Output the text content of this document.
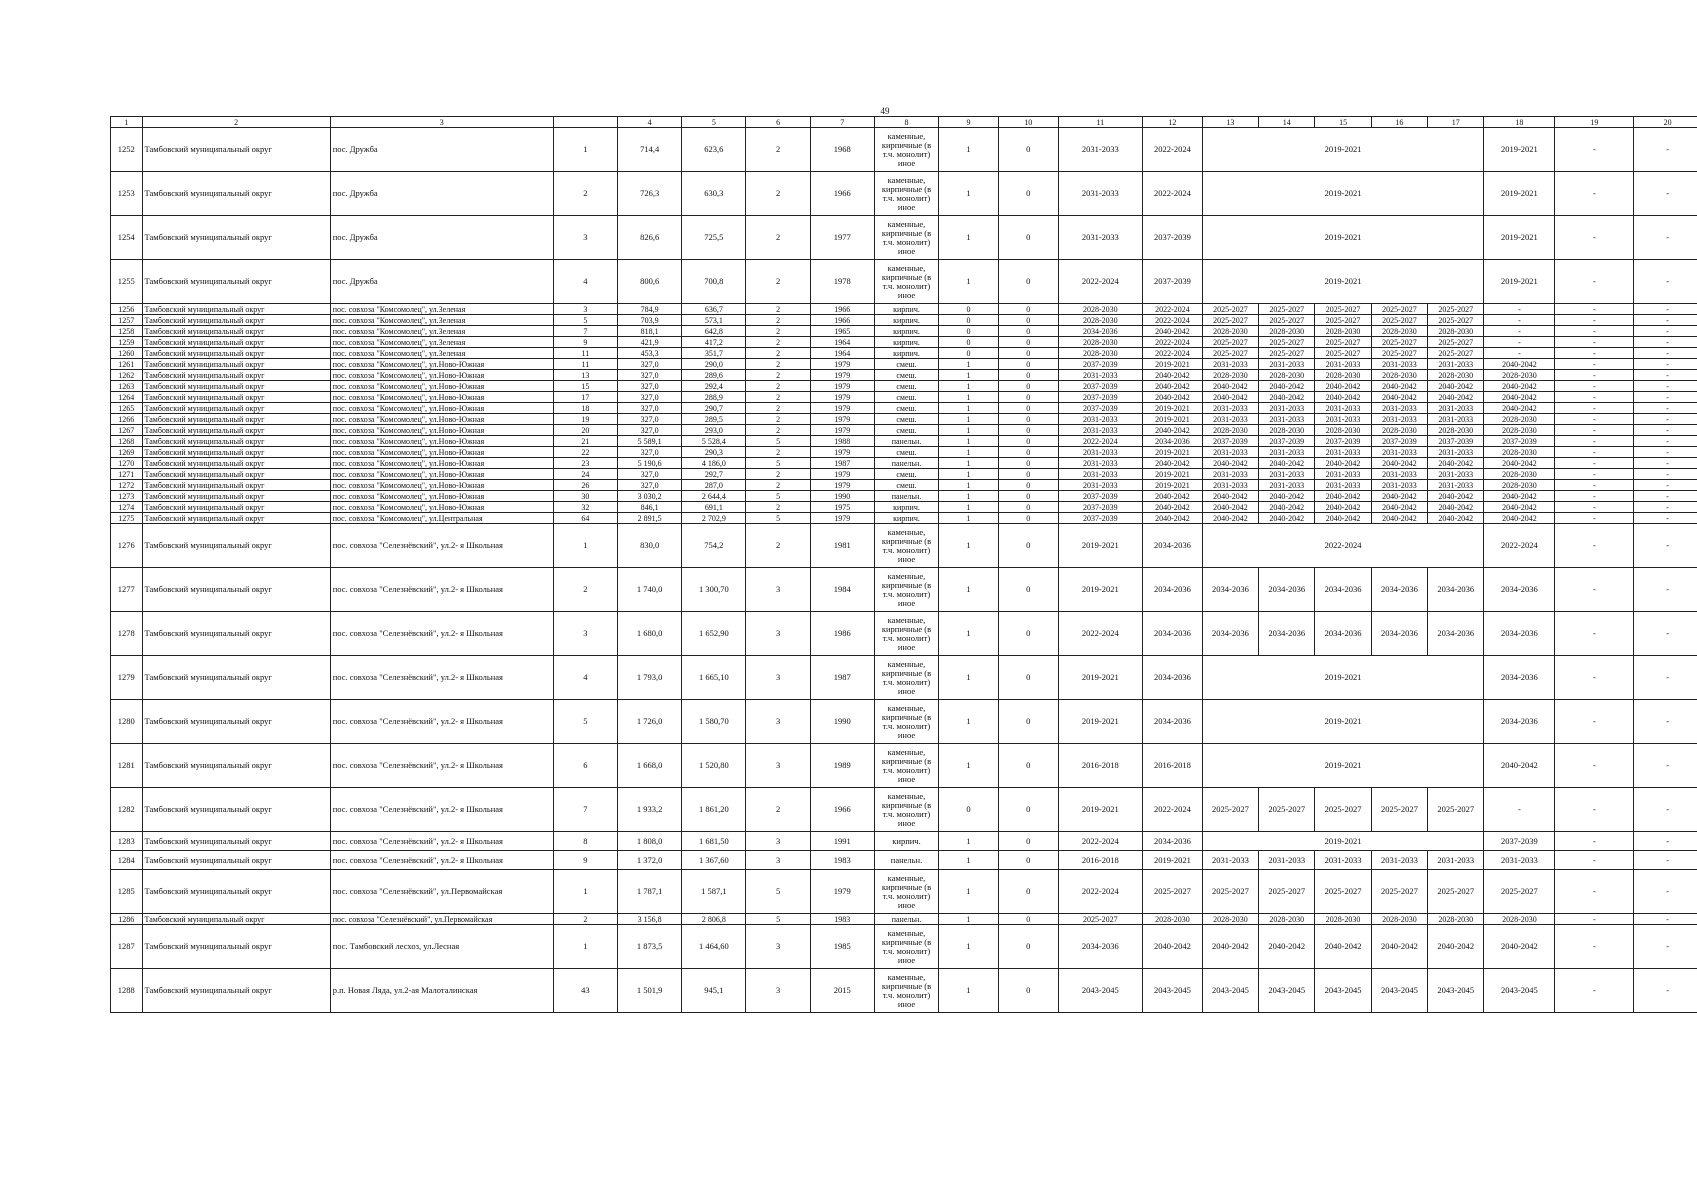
49
1	2	3		4	5	6	7	8	9	10	11	12	13	14	15	16	17	18	19	20
1252	Тамбовский муниципальный округ	пос. Дружба	1	714,4	623,6	2	1968	каменные, кирпичные (в т.ч. монолит) иное	1	0	2031-2033	2022-2024	2019-2021					2019-2021	-	-
1253	Тамбовский муниципальный округ	пос. Дружба	2	726,3	630,3	2	1966	каменные, кирпичные (в т.ч. монолит) иное	1	0	2031-2033	2022-2024	2019-2021					2019-2021	-	-
1254	Тамбовский муниципальный округ	пос. Дружба	3	826,6	725,5	2	1977	каменные, кирпичные (в т.ч. монолит) иное	1	0	2031-2033	2037-2039	2019-2021					2019-2021	-	-
1255	Тамбовский муниципальный округ	пос. Дружба	4	800,6	700,8	2	1978	каменные, кирпичные (в т.ч. монолит) иное	1	0	2022-2024	2037-2039	2019-2021					2019-2021	-	-
1256	Тамбовский муниципальный округ	пос. совхоза "Комсомолец", ул.Зеленая	3	784,9	636,7	2	1966	кирпич.	0	0	2028-2030	2022-2024	2025-2027	2025-2027	2025-2027	2025-2027	2025-2027	-	-	-
1257	Тамбовский муниципальный округ	пос. совхоза "Комсомолец", ул.Зеленая	5	703,9	573,1	2	1966	кирпич.	0	0	2028-2030	2022-2024	2025-2027	2025-2027	2025-2027	2025-2027	2025-2027	-	-	-
1258	Тамбовский муниципальный округ	пос. совхоза "Комсомолец", ул.Зеленая	7	818,1	642,8	2	1965	кирпич.	0	0	2034-2036	2040-2042	2028-2030	2028-2030	2028-2030	2028-2030	2028-2030	-	-	-
1259	Тамбовский муниципальный округ	пос. совхоза "Комсомолец", ул.Зеленая	9	421,9	417,2	2	1964	кирпич.	0	0	2028-2030	2022-2024	2025-2027	2025-2027	2025-2027	2025-2027	2025-2027	-	-	-
1260	Тамбовский муниципальный округ	пос. совхоза "Комсомолец", ул.Зеленая	11	453,3	351,7	2	1964	кирпич.	0	0	2028-2030	2022-2024	2025-2027	2025-2027	2025-2027	2025-2027	2025-2027	-	-	-
1261	Тамбовский муниципальный округ	пос. совхоза "Комсомолец", ул.Ново-Южная	11	327,0	290,0	2	1979	смеш.	1	0	2037-2039	2019-2021	2031-2033	2031-2033	2031-2033	2031-2033	2031-2033	2040-2042	-	-
1262	Тамбовский муниципальный округ	пос. совхоза "Комсомолец", ул.Ново-Южная	13	327,0	289,6	2	1979	смеш.	1	0	2031-2033	2040-2042	2028-2030	2028-2030	2028-2030	2028-2030	2028-2030	2028-2030	-	-
1263	Тамбовский муниципальный округ	пос. совхоза "Комсомолец", ул.Ново-Южная	15	327,0	292,4	2	1979	смеш.	1	0	2037-2039	2040-2042	2040-2042	2040-2042	2040-2042	2040-2042	2040-2042	2040-2042	-	-
1264	Тамбовский муниципальный округ	пос. совхоза "Комсомолец", ул.Ново-Южная	17	327,0	288,9	2	1979	смеш.	1	0	2037-2039	2040-2042	2040-2042	2040-2042	2040-2042	2040-2042	2040-2042	2040-2042	-	-
1265	Тамбовский муниципальный округ	пос. совхоза "Комсомолец", ул.Ново-Южная	18	327,0	290,7	2	1979	смеш.	1	0	2037-2039	2019-2021	2031-2033	2031-2033	2031-2033	2031-2033	2031-2033	2040-2042	-	-
1266	Тамбовский муниципальный округ	пос. совхоза "Комсомолец", ул.Ново-Южная	19	327,0	289,5	2	1979	смеш.	1	0	2031-2033	2019-2021	2031-2033	2031-2033	2031-2033	2031-2033	2031-2033	2028-2030	-	-
1267	Тамбовский муниципальный округ	пос. совхоза "Комсомолец", ул.Ново-Южная	20	327,0	293,0	2	1979	смеш.	1	0	2031-2033	2040-2042	2028-2030	2028-2030	2028-2030	2028-2030	2028-2030	2028-2030	-	-
1268	Тамбовский муниципальный округ	пос. совхоза "Комсомолец", ул.Ново-Южная	21	5 589,1	5 528,4	5	1988	панельн.	1	0	2022-2024	2034-2036	2037-2039	2037-2039	2037-2039	2037-2039	2037-2039	2037-2039	-	-
1269	Тамбовский муниципальный округ	пос. совхоза "Комсомолец", ул.Ново-Южная	22	327,0	290,3	2	1979	смеш.	1	0	2031-2033	2019-2021	2031-2033	2031-2033	2031-2033	2031-2033	2031-2033	2028-2030	-	-
1270	Тамбовский муниципальный округ	пос. совхоза "Комсомолец", ул.Ново-Южная	23	5 190,6	4 186,0	5	1987	панельн.	1	0	2031-2033	2040-2042	2040-2042	2040-2042	2040-2042	2040-2042	2040-2042	2040-2042	-	-
1271	Тамбовский муниципальный округ	пос. совхоза "Комсомолец", ул.Ново-Южная	24	327,0	292,7	2	1979	смеш.	1	0	2031-2033	2019-2021	2031-2033	2031-2033	2031-2033	2031-2033	2031-2033	2028-2030	-	-
1272	Тамбовский муниципальный округ	пос. совхоза "Комсомолец", ул.Ново-Южная	26	327,0	287,0	2	1979	смеш.	1	0	2031-2033	2019-2021	2031-2033	2031-2033	2031-2033	2031-2033	2031-2033	2028-2030	-	-
1273	Тамбовский муниципальный округ	пос. совхоза "Комсомолец", ул.Ново-Южная	30	3 030,2	2 644,4	5	1990	панельн.	1	0	2037-2039	2040-2042	2040-2042	2040-2042	2040-2042	2040-2042	2040-2042	2040-2042	-	-
1274	Тамбовский муниципальный округ	пос. совхоза "Комсомолец", ул.Ново-Южная	32	846,1	691,1	2	1975	кирпич.	1	0	2037-2039	2040-2042	2040-2042	2040-2042	2040-2042	2040-2042	2040-2042	2040-2042	-	-
1275	Тамбовский муниципальный округ	пос. совхоза "Комсомолец", ул.Центральная	64	2 891,5	2 702,9	5	1979	кирпич.	1	0	2037-2039	2040-2042	2040-2042	2040-2042	2040-2042	2040-2042	2040-2042	2040-2042	-	-
1276	Тамбовский муниципальный округ	пос. совхоза "Селезнёвский", ул.2- я Школьная	1	830,0	754,2	2	1981	каменные, кирпичные (в т.ч. монолит) иное	1	0	2019-2021	2034-2036	2022-2024					2022-2024	-	-
1277	Тамбовский муниципальный округ	пос. совхоза "Селезнёвский", ул.2- я Школьная	2	1 740,0	1 300,70	3	1984	каменные, кирпичные (в т.ч. монолит) иное	1	0	2019-2021	2034-2036	2034-2036	2034-2036	2034-2036	2034-2036	2034-2036	2034-2036	-	-
1278	Тамбовский муниципальный округ	пос. совхоза "Селезнёвский", ул.2- я Школьная	3	1 680,0	1 652,90	3	1986	каменные, кирпичные (в т.ч. монолит) иное	1	0	2022-2024	2034-2036	2034-2036	2034-2036	2034-2036	2034-2036	2034-2036	2034-2036	-	-
1279	Тамбовский муниципальный округ	пос. совхоза "Селезнёвский", ул.2- я Школьная	4	1 793,0	1 665,10	3	1987	каменные, кирпичные (в т.ч. монолит) иное	1	0	2019-2021	2034-2036	2019-2021					2034-2036	-	-
1280	Тамбовский муниципальный округ	пос. совхоза "Селезнёвский", ул.2- я Школьная	5	1 726,0	1 580,70	3	1990	каменные, кирпичные (в т.ч. монолит) иное	1	0	2019-2021	2034-2036	2019-2021					2034-2036	-	-
1281	Тамбовский муниципальный округ	пос. совхоза "Селезнёвский", ул.2- я Школьная	6	1 668,0	1 520,80	3	1989	каменные, кирпичные (в т.ч. монолит) иное	1	0	2016-2018	2016-2018	2019-2021					2040-2042	-	-
1282	Тамбовский муниципальный округ	пос. совхоза "Селезнёвский", ул.2- я Школьная	7	1 933,2	1 861,20	2	1966	каменные, кирпичные (в т.ч. монолит) иное	0	0	2019-2021	2022-2024	2025-2027	2025-2027	2025-2027	2025-2027	2025-2027	-	-	-
1283	Тамбовский муниципальный округ	пос. совхоза "Селезнёвский", ул.2- я Школьная	8	1 808,0	1 681,50	3	1991	кирпич.	1	0	2022-2024	2034-2036	2019-2021					2037-2039	-	-
1284	Тамбовский муниципальный округ	пос. совхоза "Селезнёвский", ул.2- я Школьная	9	1 372,0	1 367,60	3	1983	панельн.	1	0	2016-2018	2019-2021	2031-2033	2031-2033	2031-2033	2031-2033	2031-2033	2031-2033	-	-
1285	Тамбовский муниципальный округ	пос. совхоза "Селезнёвский", ул.Первомайская	1	1 787,1	1 587,1	5	1979	каменные, кирпичные (в т.ч. монолит) иное	1	0	2022-2024	2025-2027	2025-2027	2025-2027	2025-2027	2025-2027	2025-2027	2025-2027	-	-
1286	Тамбовский муниципальный округ	пос. совхоза "Селезнёвский", ул.Первомайская	2	3 156,8	2 806,8	5	1983	панельн.	1	0	2025-2027	2028-2030	2028-2030	2028-2030	2028-2030	2028-2030	2028-2030	2028-2030	-	-
1287	Тамбовский муниципальный округ	пос. Тамбовский лесхоз, ул.Лесная	1	1 873,5	1 464,60	3	1985	каменные, кирпичные (в т.ч. монолит) иное	1	0	2034-2036	2040-2042	2040-2042	2040-2042	2040-2042	2040-2042	2040-2042	2040-2042	-	-
1288	Тамбовский муниципальный округ	р.п. Новая Ляда, ул.2-ая Малоталинская	43	1 501,9	945,1	3	2015	каменные, кирпичные (в т.ч. монолит) иное	1	0	2043-2045	2043-2045	2043-2045	2043-2045	2043-2045	2043-2045	2043-2045	2043-2045	-	-
